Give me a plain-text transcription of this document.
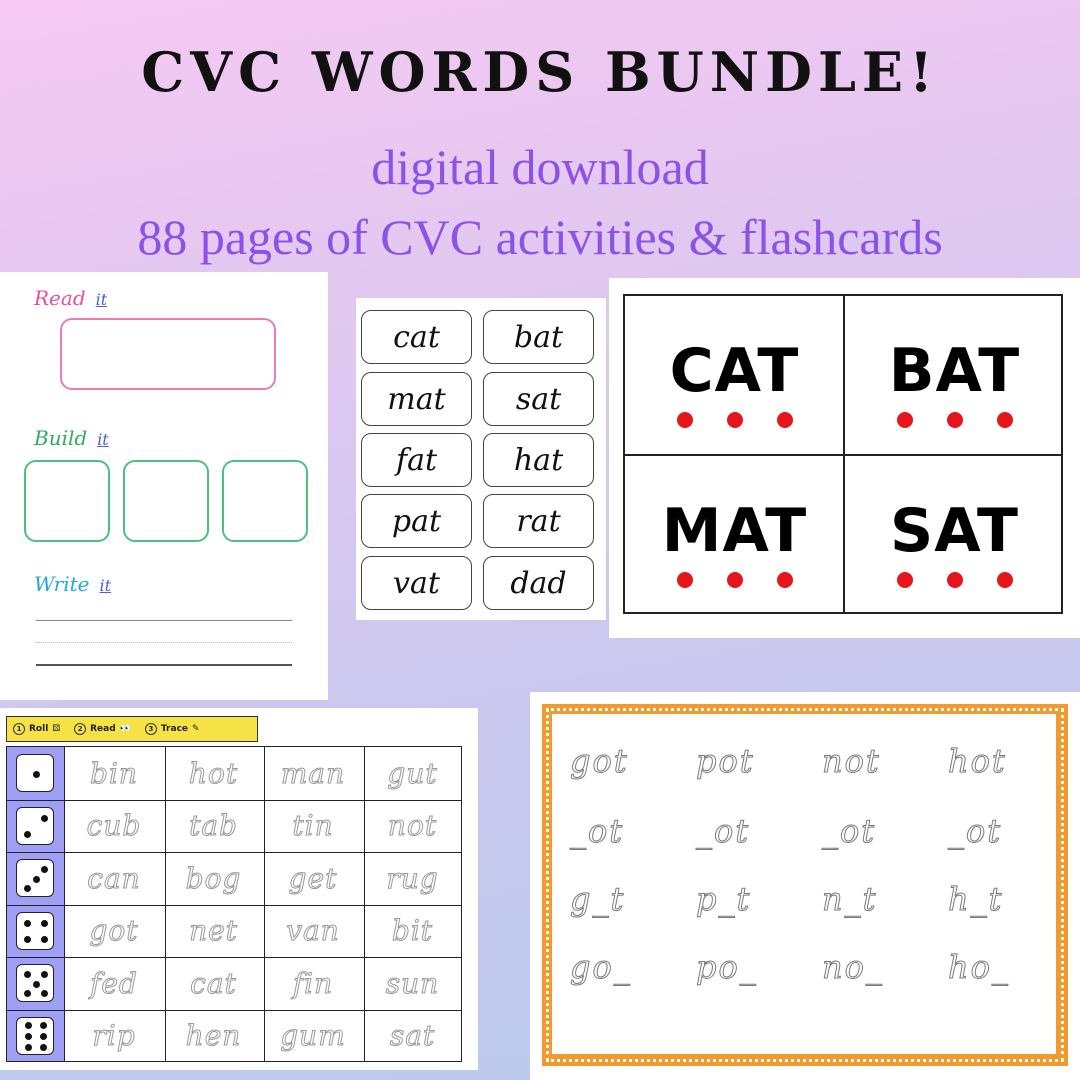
CVC WORDS BUNDLE!
digital download
88 pages of CVC activities & flashcards
Read it
Build it
Write it
cat	bat
mat	sat
fat	hat
pat	rat
vat	dad
CAT	BAT
MAT	SAT
1 Roll ⚄	2 Read 👀	3 Trace ✎
bin	hot	man	gut
cub	tab	tin	not
can	bog	get	rug
got	net	van	bit
fed	cat	fin	sun
rip	hen	gum	sat
got	pot	not	hot
_ot	_ot	_ot	_ot
g_t	p_t	n_t	h_t
go_	po_	no_	ho_
